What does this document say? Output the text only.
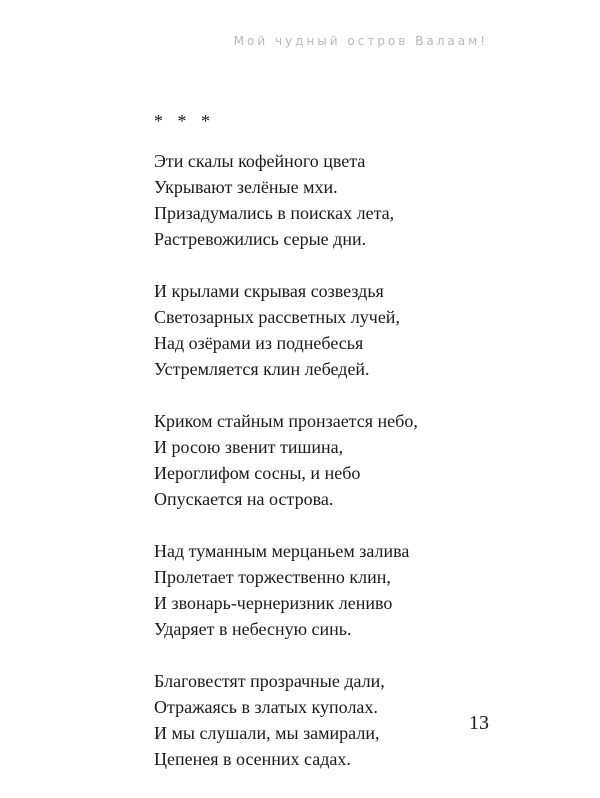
Мой чудный остров Валаам!
* * *
Эти скалы кофейного цвета
Укрывают зелёные мхи.
Призадумались в поисках лета,
Растревожились серые дни.
И крылами скрывая созвездья
Светозарных рассветных лучей,
Над озёрами из поднебесья
Устремляется клин лебедей.
Криком стайным пронзается небо,
И росою звенит тишина,
Иероглифом сосны, и небо
Опускается на острова.
Над туманным мерцаньем залива
Пролетает торжественно клин,
И звонарь-чернеризник лениво
Ударяет в небесную синь.
Благовестят прозрачные дали,
Отражаясь в златых куполах.
И мы слушали, мы замирали,
Цепенея в осенних садах.
13
